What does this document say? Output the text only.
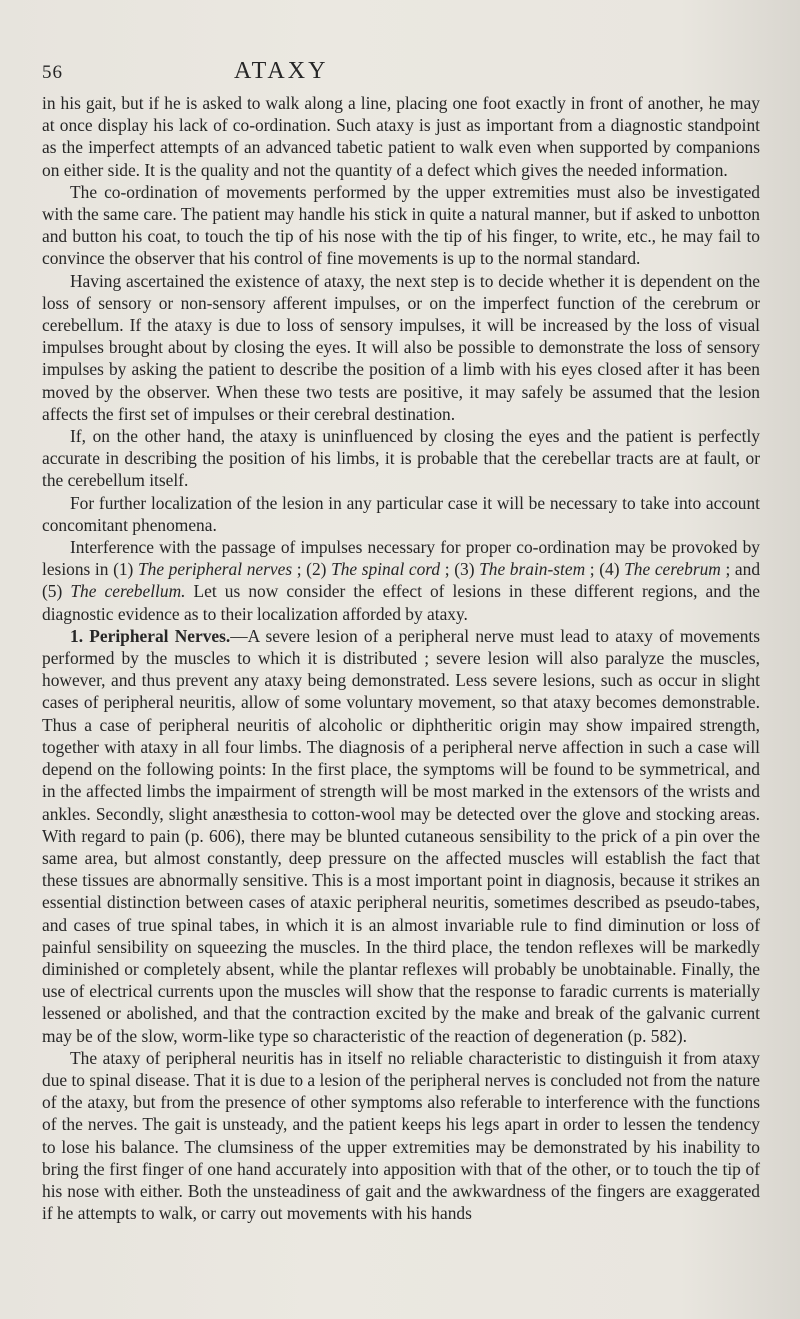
56	ATAXY

in his gait, but if he is asked to walk along a line, placing one foot exactly in front of another, he may at once display his lack of co-ordination. Such ataxy is just as important from a diagnostic standpoint as the imperfect attempts of an advanced tabetic patient to walk even when supported by companions on either side. It is the quality and not the quantity of a defect which gives the needed information.

The co-ordination of movements performed by the upper extremities must also be investigated with the same care. The patient may handle his stick in quite a natural manner, but if asked to unbotton and button his coat, to touch the tip of his nose with the tip of his finger, to write, etc., he may fail to convince the observer that his control of fine movements is up to the normal standard.

Having ascertained the existence of ataxy, the next step is to decide whether it is dependent on the loss of sensory or non-sensory afferent impulses, or on the imperfect function of the cerebrum or cerebellum. If the ataxy is due to loss of sensory impulses, it will be increased by the loss of visual impulses brought about by closing the eyes. It will also be possible to demonstrate the loss of sensory impulses by asking the patient to describe the position of a limb with his eyes closed after it has been moved by the observer. When these two tests are positive, it may safely be assumed that the lesion affects the first set of impulses or their cerebral destination.

If, on the other hand, the ataxy is uninfluenced by closing the eyes and the patient is perfectly accurate in describing the position of his limbs, it is probable that the cerebellar tracts are at fault, or the cerebellum itself.

For further localization of the lesion in any particular case it will be necessary to take into account concomitant phenomena.

Interference with the passage of impulses necessary for proper co-ordination may be provoked by lesions in (1) The peripheral nerves ; (2) The spinal cord ; (3) The brain-stem ; (4) The cerebrum ; and (5) The cerebellum. Let us now consider the effect of lesions in these different regions, and the diagnostic evidence as to their localization afforded by ataxy.

1. Peripheral Nerves.—A severe lesion of a peripheral nerve must lead to ataxy of movements performed by the muscles to which it is distributed ; severe lesion will also paralyze the muscles, however, and thus prevent any ataxy being demonstrated. Less severe lesions, such as occur in slight cases of peripheral neuritis, allow of some voluntary movement, so that ataxy becomes demonstrable. Thus a case of peripheral neuritis of alcoholic or diphtheritic origin may show impaired strength, together with ataxy in all four limbs. The diagnosis of a peripheral nerve affection in such a case will depend on the following points: In the first place, the symptoms will be found to be symmetrical, and in the affected limbs the impairment of strength will be most marked in the extensors of the wrists and ankles. Secondly, slight anæsthesia to cotton-wool may be detected over the glove and stocking areas. With regard to pain (p. 606), there may be blunted cutaneous sensibility to the prick of a pin over the same area, but almost constantly, deep pressure on the affected muscles will establish the fact that these tissues are abnormally sensitive. This is a most important point in diagnosis, because it strikes an essential distinction between cases of ataxic peripheral neuritis, sometimes described as pseudo-tabes, and cases of true spinal tabes, in which it is an almost invariable rule to find diminution or loss of painful sensibility on squeezing the muscles. In the third place, the tendon reflexes will be markedly diminished or completely absent, while the plantar reflexes will probably be unobtainable. Finally, the use of electrical currents upon the muscles will show that the response to faradic currents is materially lessened or abolished, and that the contraction excited by the make and break of the galvanic current may be of the slow, worm-like type so characteristic of the reaction of degeneration (p. 582).

The ataxy of peripheral neuritis has in itself no reliable characteristic to distinguish it from ataxy due to spinal disease. That it is due to a lesion of the peripheral nerves is concluded not from the nature of the ataxy, but from the presence of other symptoms also referable to interference with the functions of the nerves. The gait is unsteady, and the patient keeps his legs apart in order to lessen the tendency to lose his balance. The clumsiness of the upper extremities may be demonstrated by his inability to bring the first finger of one hand accurately into apposition with that of the other, or to touch the tip of his nose with either. Both the unsteadiness of gait and the awkwardness of the fingers are exaggerated if he attempts to walk, or carry out movements with his hands
